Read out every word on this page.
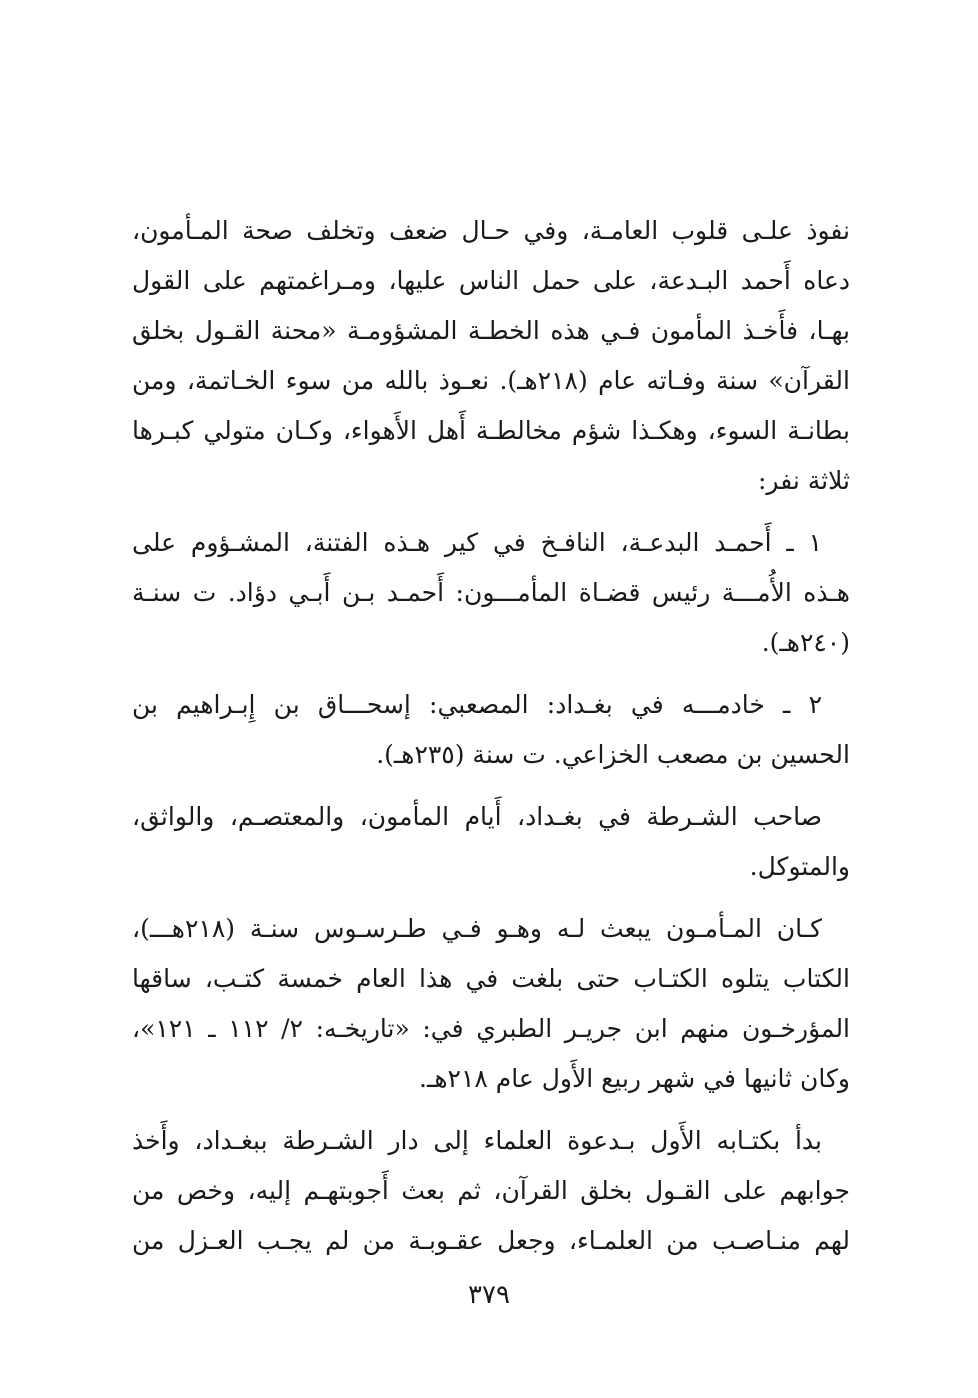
نفوذ علـى قلوب العامـة، وفي حـال ضعف وتخلف صحة المـأمون،
دعاه أَحمد البـدعة، على حمل الناس عليها، ومـراغمتهم على القول
بهـا، فأَخـذ المأمون فـي هذه الخطـة المشؤومـة «محنة القـول بخلق
القرآن» سنة وفـاته عام (٢١٨هـ). نعـوذ بالله من سوء الخـاتمة، ومن
بطانـة السوء، وهكـذا شؤم مخالطـة أَهل الأَهواء، وكـان متولي كبـرها
ثلاثة نفر:

١ ـ أَحمـد البدعـة، النافـخ في كير هـذه الفتنة، المشـؤوم على
هـذه الأُمـــة رئيس قضـاة المأمـــون: أَحمـد بـن أَبـي دؤاد. ت سنـة
(٢٤٠هـ).

٢ ـ خادمـــه في بغـداد: المصعبي: إسحـــاق بن إِبـراهيم بن
الحسين بن مصعب الخزاعي. ت سنة (٢٣٥هـ).

صاحب الشـرطة في بغـداد، أَيام المأمون، والمعتصـم، والواثق،
والمتوكل.

كـان المـأمـون يبعث لـه وهـو فـي طـرسـوس سنـة (٢١٨هـــ)،
الكتاب يتلوه الكتـاب حتى بلغت في هذا العام خمسة كتـب، ساقها
المؤرخـون منهم ابن جريـر الطبري في: «تاريخـه: ٢/ ١١٢ ـ ١٢١»،
وكان ثانيها في شهر ربيع الأَول عام ٢١٨هـ.

بدأ بكتـابه الأَول بـدعوة العلماء إلى دار الشـرطة ببغـداد، وأَخذ
جوابهم على القـول بخلق القرآن، ثم بعث أَجوبتهـم إليه، وخص من
لهم منـاصـب من العلمـاء، وجعل عقـوبـة من لم يجـب العـزل من

٣٧٩
